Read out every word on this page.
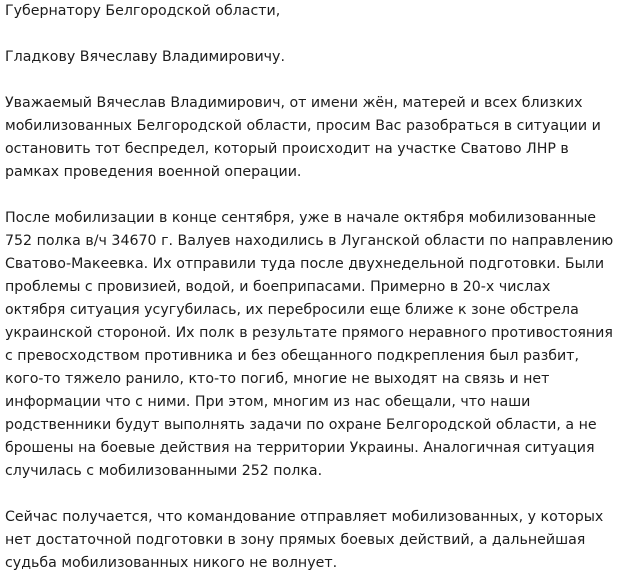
Губернатору Белгородской области,
Гладкову Вячеславу Владимировичу.

Уважаемый Вячеслав Владимирович, от имени жён, матерей и всех близких
мобилизованных Белгородской области, просим Вас разобраться в ситуации и
остановить тот беспредел, который происходит на участке Сватово ЛНР в
рамках проведения военной операции.

После мобилизации в конце сентября, уже в начале октября мобилизованные
752 полка в/ч 34670 г. Валуев находились в Луганской области по направлению
Сватово-Макеевка. Их отправили туда после двухнедельной подготовки. Были
проблемы с провизией, водой, и боеприпасами. Примерно в 20-х числах
октября ситуация усугубилась, их перебросили еще ближе к зоне обстрела
украинской стороной. Их полк в результате прямого неравного противостояния
с превосходством противника и без обещанного подкрепления был разбит,
кого-то тяжело ранило, кто-то погиб, многие не выходят на связь и нет
информации что с ними. При этом, многим из нас обещали, что наши
родственники будут выполнять задачи по охране Белгородской области, а не
брошены на боевые действия на территории Украины. Аналогичная ситуация
случилась с мобилизованными 252 полка.

Сейчас получается, что командование отправляет мобилизованных, у которых
нет достаточной подготовки в зону прямых боевых действий, а дальнейшая
судьба мобилизованных никого не волнует.
